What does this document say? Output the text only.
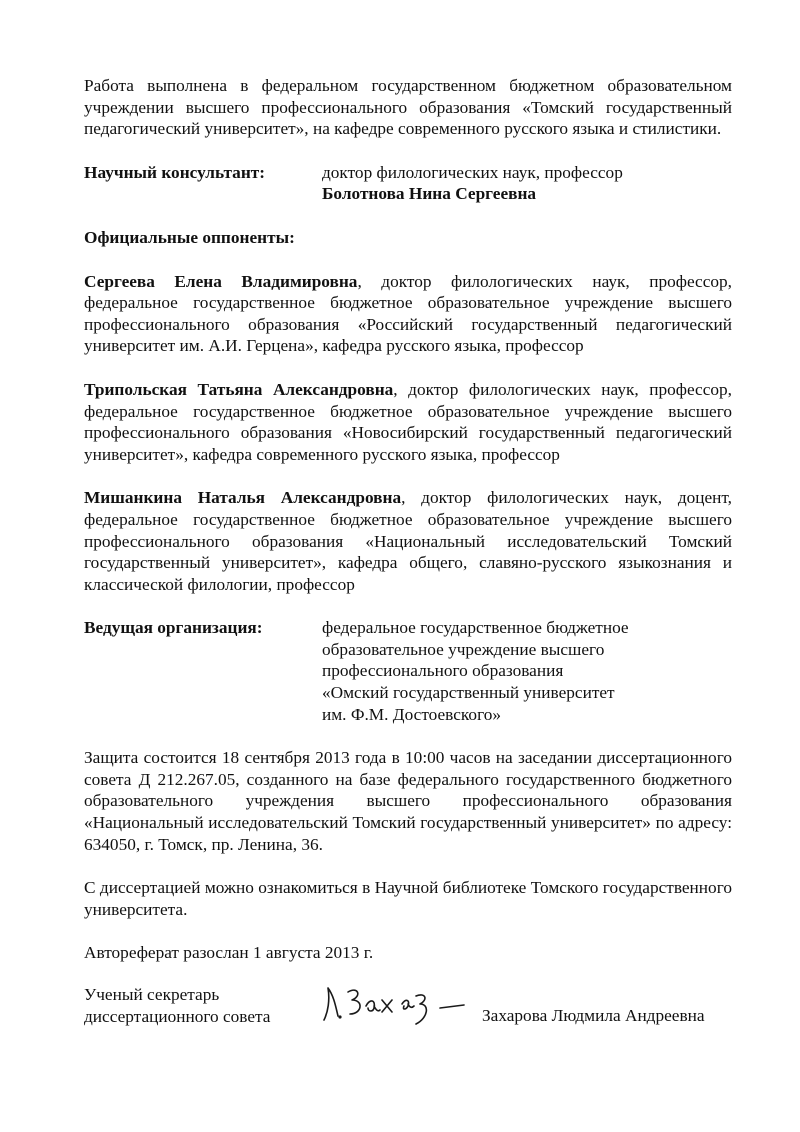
Работа выполнена в федеральном государственном бюджетном образовательном учреждении высшего профессионального образования «Томский государственный педагогический университет», на кафедре современного русского языка и стилистики.

Научный консультант:	доктор филологических наук, профессор
Болотнова Нина Сергеевна

Официальные оппоненты:

Сергеева Елена Владимировна, доктор филологических наук, профессор, федеральное государственное бюджетное образовательное учреждение высшего профессионального образования «Российский государственный педагогический университет им. А.И. Герцена», кафедра русского языка, профессор

Трипольская Татьяна Александровна, доктор филологических наук, профессор, федеральное государственное бюджетное образовательное учреждение высшего профессионального образования «Новосибирский государственный педагогический университет», кафедра современного русского языка, профессор

Мишанкина Наталья Александровна, доктор филологических наук, доцент, федеральное государственное бюджетное образовательное учреждение высшего профессионального образования «Национальный исследовательский Томский государственный университет», кафедра общего, славяно-русского языкознания и классической филологии, профессор

Ведущая организация:	федеральное государственное бюджетное
образовательное учреждение высшего
профессионального образования
«Омский государственный университет
им. Ф.М. Достоевского»

Защита состоится 18 сентября 2013 года в 10:00 часов на заседании диссертационного совета Д 212.267.05, созданного на базе федерального государственного бюджетного образовательного учреждения высшего профессионального образования «Национальный исследовательский Томский государственный университет» по адресу: 634050, г. Томск, пр. Ленина, 36.

С диссертацией можно ознакомиться в Научной библиотеке Томского государственного университета.

Автореферат разослан 1 августа 2013 г.

Ученый секретарь
диссертационного совета	Захарова Людмила Андреевна
